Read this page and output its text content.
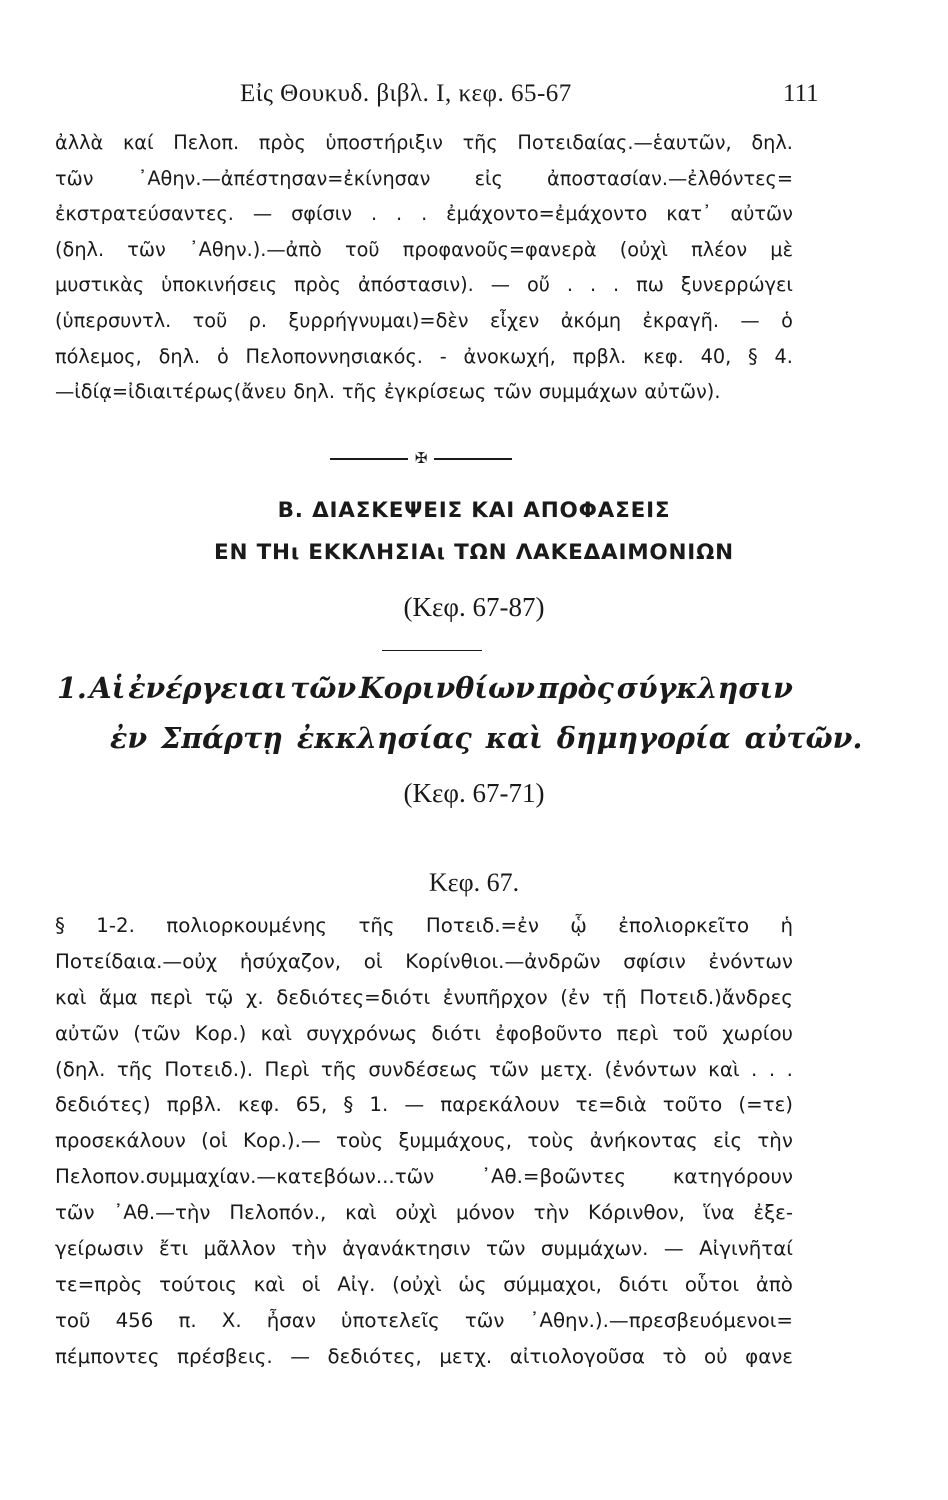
Εἰς Θουκυδ. βιβλ. I, κεφ. 65-67	111
ἀλλὰ καί Πελοπ. πρὸς ὑποστήριξιν τῆς Ποτειδαίας.—ἑαυτῶν, δηλ.
τῶν ᾿Αθην.—ἀπέστησαν=ἐκίνησαν εἰς ἀποστασίαν.—ἐλθόντες=
ἐκστρατεύσαντες. — σφίσιν . . . ἐμάχοντο=ἐμάχοντο κατ᾿ αὐτῶν
(δηλ. τῶν ᾿Αθην.).—ἀπὸ τοῦ προφανοῦς=φανερὰ (οὐχὶ πλέον μὲ
μυστικὰς ὑποκινήσεις πρὸς ἀπόστασιν). — οὔ . . . πω ξυνερρώγει
(ὑπερσυντλ. τοῦ ρ. ξυρρήγνυμαι)=δὲν εἶχεν ἀκόμη ἐκραγῆ. — ὁ
πόλεμος, δηλ. ὁ Πελοποννησιακός. - ἀνοκωχή, πρβλ. κεφ. 40, § 4.
—ἰδίᾳ=ἰδιαιτέρως(ἄνευ δηλ. τῆς ἐγκρίσεως τῶν συμμάχων αὐτῶν).
✠
Β. ΔΙΑΣΚΕΨΕΙΣ ΚΑΙ ΑΠΟΦΑΣΕΙΣ
ΕΝ ΤΗι ΕΚΚΛΗΣΙΑι ΤΩΝ ΛΑΚΕΔΑΙΜΟΝΙΩΝ
(Κεφ. 67-87)
1. Αἱ ἐνέργειαι τῶν Κορινθίων πρὸς σύγκλησιν
ἐν Σπάρτῃ ἐκκλησίας καὶ δημηγορία αὐτῶν.
(Κεφ. 67-71)
Κεφ. 67.
§ 1-2. πολιορκουμένης τῆς Ποτειδ.=ἐν ᾧ ἐπολιορκεῖτο ἡ
Ποτείδαια.—οὐχ ἡσύχαζον, οἱ Κορίνθιοι.—ἀνδρῶν σφίσιν ἐνόντων
καὶ ἅμα περὶ τῷ χ. δεδιότες=διότι ἐνυπῆρχον (ἐν τῇ Ποτειδ.)ἄνδρες
αὐτῶν (τῶν Κορ.) καὶ συγχρόνως διότι ἐφοβοῦντο περὶ τοῦ χωρίου
(δηλ. τῆς Ποτειδ.). Περὶ τῆς συνδέσεως τῶν μετχ. (ἐνόντων καὶ . . .
δεδιότες) πρβλ. κεφ. 65, § 1. — παρεκάλουν τε=διὰ τοῦτο (=τε)
προσεκάλουν (οἱ Κορ.).— τοὺς ξυμμάχους, τοὺς ἀνήκοντας εἰς τὴν
Πελοπον.συμμαχίαν.—κατεβόων...τῶν ᾿Αθ.=βοῶντες κατηγόρουν
τῶν ᾿Αθ.—τὴν Πελοπόν., καὶ οὐχὶ μόνον τὴν Κόρινθον, ἵνα ἐξε-
γείρωσιν ἔτι μᾶλλον τὴν ἀγανάκτησιν τῶν συμμάχων. — Αἰγινῆταί
τε=πρὸς τούτοις καὶ οἱ Αἰγ. (οὐχὶ ὡς σύμμαχοι, διότι οὗτοι ἀπὸ
τοῦ 456 π. Χ. ἦσαν ὑποτελεῖς τῶν ᾿Αθην.).—πρεσβευόμενοι=
πέμποντες πρέσβεις. — δεδιότες, μετχ. αἰτιολογοῦσα τὸ οὐ φανε
